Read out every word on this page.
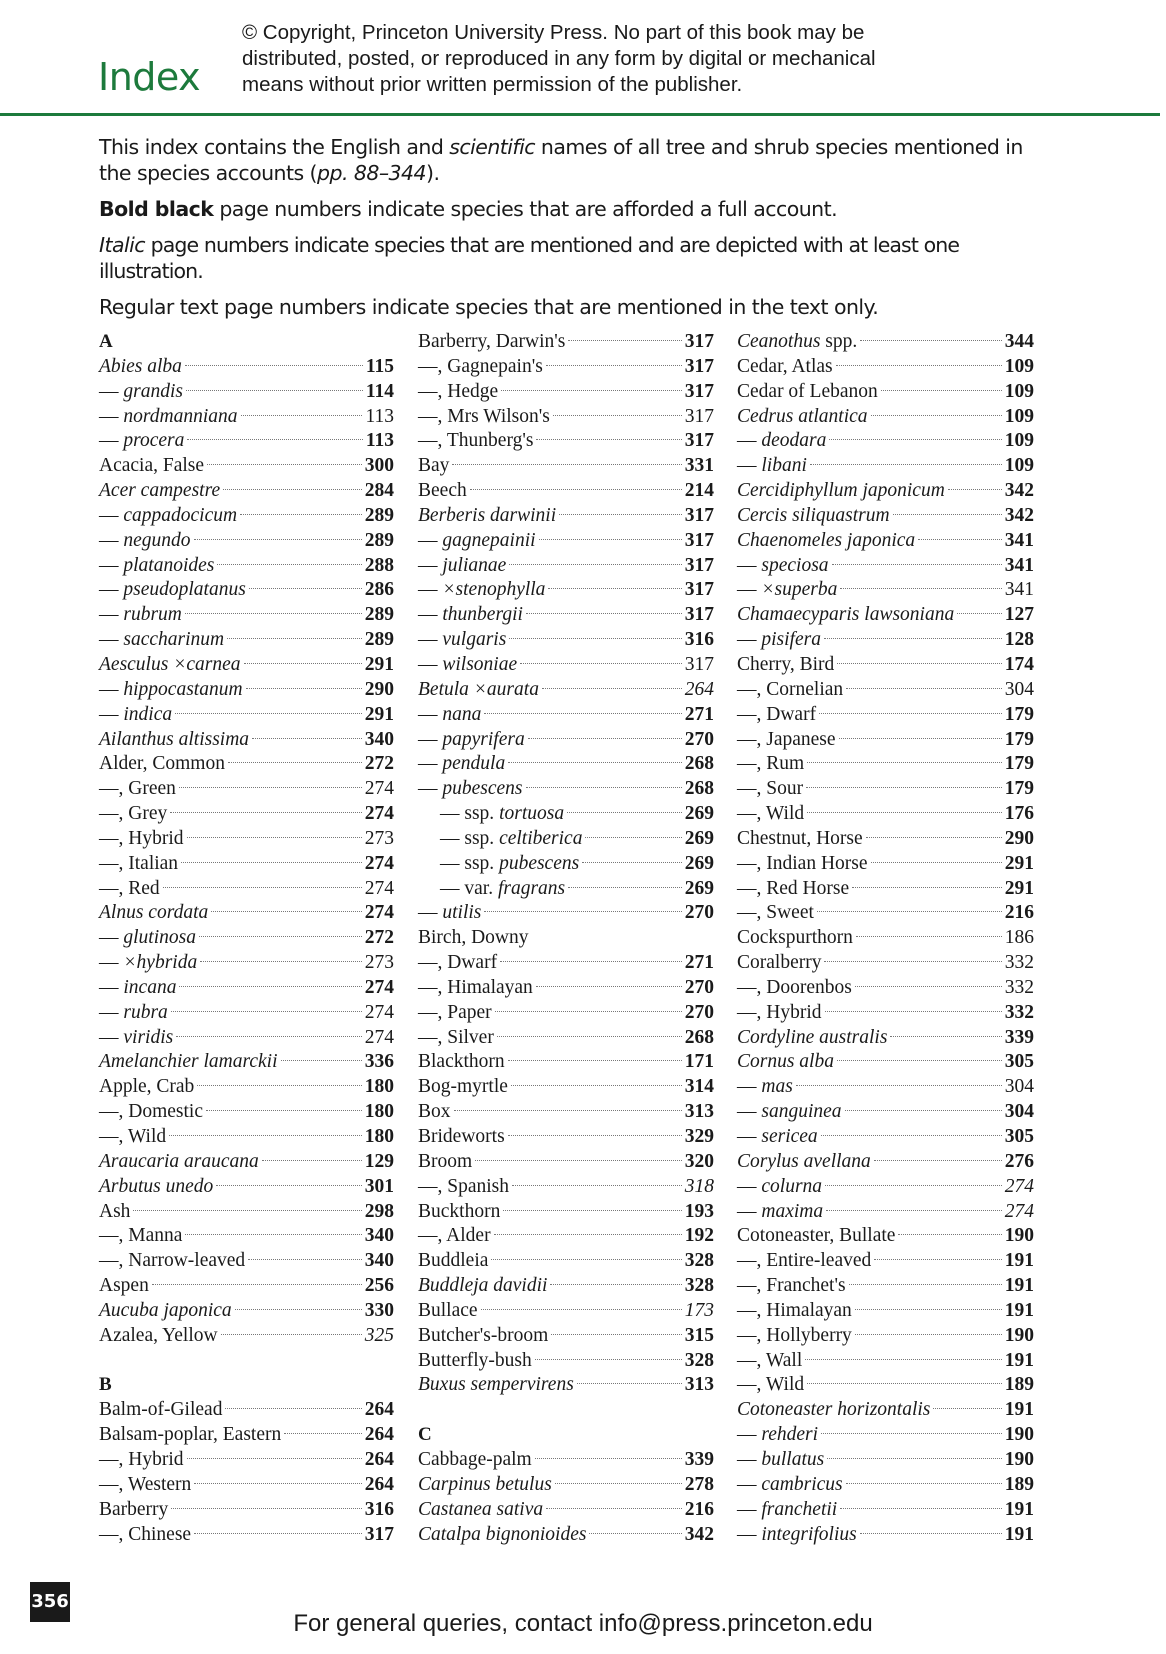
© Copyright, Princeton University Press. No part of this book may be
distributed, posted, or reproduced in any form by digital or mechanical
means without prior written permission of the publisher.
Index

This index contains the English and scientific names of all tree and shrub species mentioned in the species accounts (pp. 88–344).

Bold black page numbers indicate species that are afforded a full account.

Italic page numbers indicate species that are mentioned and are depicted with at least one illustration.

Regular text page numbers indicate species that are mentioned in the text only.

A
Abies alba	115
— grandis	114
— nordmanniana	113
— procera	113
Acacia, False	300
Acer campestre	284
— cappadocicum	289
— negundo	289
— platanoides	288
— pseudoplatanus	286
— rubrum	289
— saccharinum	289
Aesculus ×carnea	291
— hippocastanum	290
— indica	291
Ailanthus altissima	340
Alder, Common	272
—, Green	274
—, Grey	274
—, Hybrid	273
—, Italian	274
—, Red	274
Alnus cordata	274
— glutinosa	272
— ×hybrida	273
— incana	274
— rubra	274
— viridis	274
Amelanchier lamarckii	336
Apple, Crab	180
—, Domestic	180
—, Wild	180
Araucaria araucana	129
Arbutus unedo	301
Ash	298
—, Manna	340
—, Narrow-leaved	340
Aspen	256
Aucuba japonica	330
Azalea, Yellow	325
B
Balm-of-Gilead	264
Balsam-poplar, Eastern	264
—, Hybrid	264
—, Western	264
Barberry	316
—, Chinese	317
Barberry, Darwin's	317
—, Gagnepain's	317
—, Hedge	317
—, Mrs Wilson's	317
—, Thunberg's	317
Bay	331
Beech	214
Berberis darwinii	317
— gagnepainii	317
— julianae	317
— ×stenophylla	317
— thunbergii	317
— vulgaris	316
— wilsoniae	317
Betula ×aurata	264
— nana	271
— papyrifera	270
— pendula	268
— pubescens	268
— ssp. tortuosa	269
— ssp. celtiberica	269
— ssp. pubescens	269
— var. fragrans	269
— utilis	270
Birch, Downy
—, Dwarf	271
—, Himalayan	270
—, Paper	270
—, Silver	268
Blackthorn	171
Bog-myrtle	314
Box	313
Brideworts	329
Broom	320
—, Spanish	318
Buckthorn	193
—, Alder	192
Buddleia	328
Buddleja davidii	328
Bullace	173
Butcher's-broom	315
Butterfly-bush	328
Buxus sempervirens	313
C
Cabbage-palm	339
Carpinus betulus	278
Castanea sativa	216
Catalpa bignonioides	342
Ceanothus spp.	344
Cedar, Atlas	109
Cedar of Lebanon	109
Cedrus atlantica	109
— deodara	109
— libani	109
Cercidiphyllum japonicum	342
Cercis siliquastrum	342
Chaenomeles japonica	341
— speciosa	341
— ×superba	341
Chamaecyparis lawsoniana	127
— pisifera	128
Cherry, Bird	174
—, Cornelian	304
—, Dwarf	179
—, Japanese	179
—, Rum	179
—, Sour	179
—, Wild	176
Chestnut, Horse	290
—, Indian Horse	291
—, Red Horse	291
—, Sweet	216
Cockspurthorn	186
Coralberry	332
—, Doorenbos	332
—, Hybrid	332
Cordyline australis	339
Cornus alba	305
— mas	304
— sanguinea	304
— sericea	305
Corylus avellana	276
— colurna	274
— maxima	274
Cotoneaster, Bullate	190
—, Entire-leaved	191
—, Franchet's	191
—, Himalayan	191
—, Hollyberry	190
—, Wall	191
—, Wild	189
Cotoneaster horizontalis	191
— rehderi	190
— bullatus	190
— cambricus	189
— franchetii	191
— integrifolius	191
356
For general queries, contact info@press.princeton.edu
